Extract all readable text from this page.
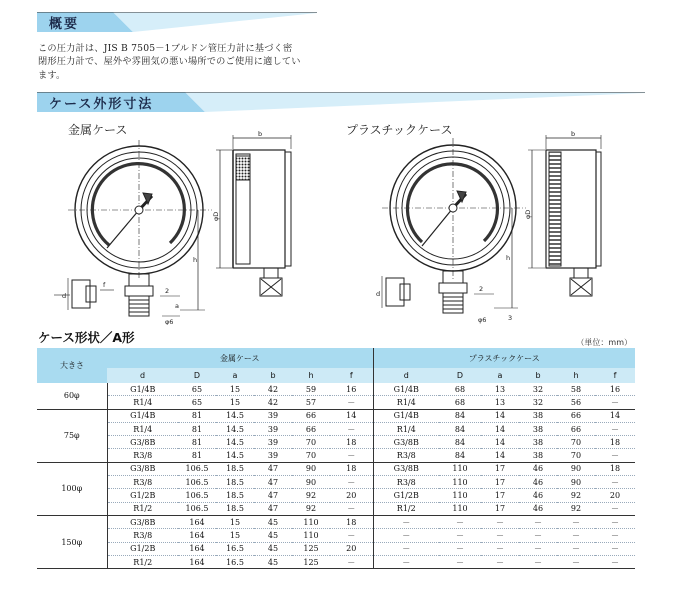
概要
この圧力計は、JIS B 7505－1ブルドン管圧力計に基づく密
閉形圧力計で、屋外や雰囲気の悪い場所でのご使用に適してい
ます。
ケース外形寸法
金属ケース	プラスチックケース
b
φD
h
d
f
2
a
φ6
b
φD
h
d
2
3
φ6
ケース形状／A形	（単位：mm）
大きさ	金属ケース						プラスチックケース					
	d	D	a	b	h	f	d	D	a	b	h	f
60φ	G1/4B	65	15	42	59	16	G1/4B	68	13	32	58	16
	R1/4	65	15	42	57	－	R1/4	68	13	32	56	－
75φ	G1/4B	81	14.5	39	66	14	G1/4B	84	14	38	66	14
	R1/4	81	14.5	39	66	－	R1/4	84	14	38	66	－
	G3/8B	81	14.5	39	70	18	G3/8B	84	14	38	70	18
	R3/8	81	14.5	39	70	－	R3/8	84	14	38	70	－
100φ	G3/8B	106.5	18.5	47	90	18	G3/8B	110	17	46	90	18
	R3/8	106.5	18.5	47	90	－	R3/8	110	17	46	90	－
	G1/2B	106.5	18.5	47	92	20	G1/2B	110	17	46	92	20
	R1/2	106.5	18.5	47	92	－	R1/2	110	17	46	92	－
150φ	G3/8B	164	15	45	110	18	－	－	－	－	－	－
	R3/8	164	15	45	110	－	－	－	－	－	－	－
	G1/2B	164	16.5	45	125	20	－	－	－	－	－	－
	R1/2	164	16.5	45	125	－	－	－	－	－	－	－
